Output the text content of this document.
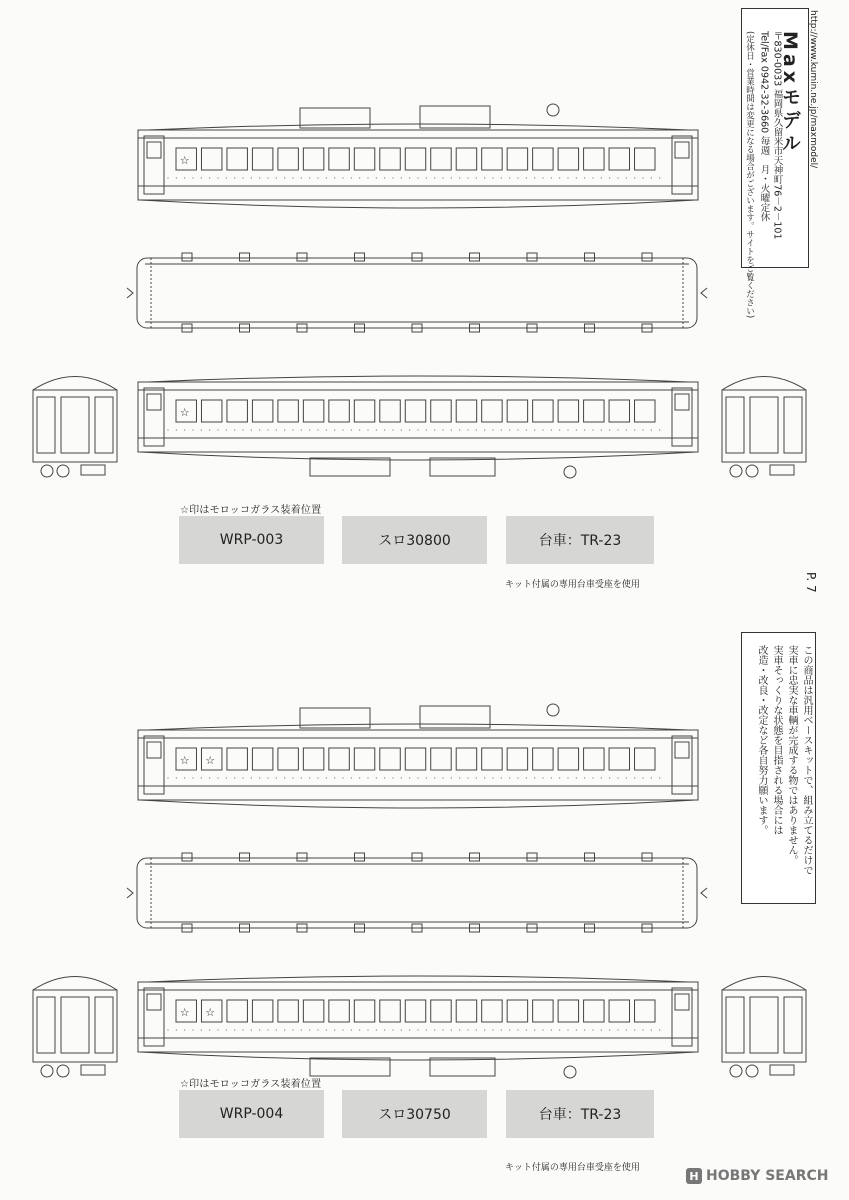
☆
☆
☆ ☆
☆ ☆
☆印はモロッコガラス装着位置
WRP-003	スロ30800	台車：TR-23
キット付属の専用台車受座を使用
☆印はモロッコガラス装着位置
WRP-004	スロ30750	台車：TR-23
キット付属の専用台車受座を使用
Maxモデル
〒830-0033 福岡県久留米市天神町76－2－101
Tel/Fax 0942-32-3660 毎週　月・火曜定休
(定休日・営業時間は変更になる場合がございます。サイトをご覧ください)	http://www.kumin.ne.jp/maxmodel/
P. 7
この商品は汎用ベースキットで、組み立てるだけで
実車に忠実な車輌が完成する物ではありません。
実車そっくりな状態を目指される場合には
改造・改良・改定など各自努力願います。
H HOBBY SEARCH
